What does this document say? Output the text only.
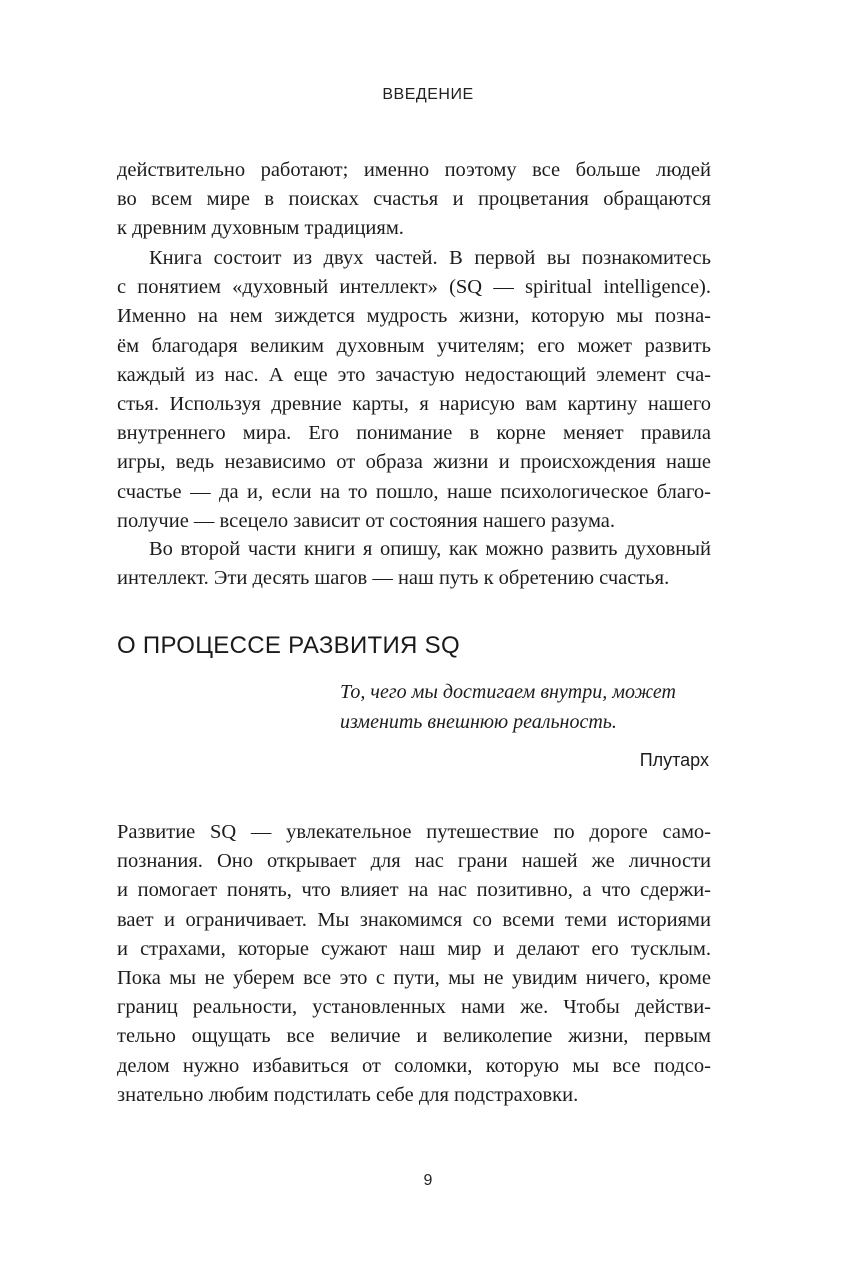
ВВЕДЕНИЕ
действительно работают; именно поэтому все больше людей
во всем мире в поисках счастья и процветания обращаются
к древним духовным традициям.
Книга состоит из двух частей. В первой вы познакомитесь
с понятием «духовный интеллект» (SQ — spiritual intelligence).
Именно на нем зиждется мудрость жизни, которую мы позна-
ём благодаря великим духовным учителям; его может развить
каждый из нас. А еще это зачастую недостающий элемент сча-
стья. Используя древние карты, я нарисую вам картину нашего
внутреннего мира. Его понимание в корне меняет правила
игры, ведь независимо от образа жизни и происхождения наше
счастье — да и, если на то пошло, наше психологическое благо-
получие — всецело зависит от состояния нашего разума.
Во второй части книги я опишу, как можно развить духовный
интеллект. Эти десять шагов — наш путь к обретению счастья.
О ПРОЦЕССЕ РАЗВИТИЯ SQ
То, чего мы достигаем внутри, может
изменить внешнюю реальность.
Плутарх
Развитие SQ — увлекательное путешествие по дороге само-
познания. Оно открывает для нас грани нашей же личности
и помогает понять, что влияет на нас позитивно, а что сдержи-
вает и ограничивает. Мы знакомимся со всеми теми историями
и страхами, которые сужают наш мир и делают его тусклым.
Пока мы не уберем все это с пути, мы не увидим ничего, кроме
границ реальности, установленных нами же. Чтобы действи-
тельно ощущать все величие и великолепие жизни, первым
делом нужно избавиться от соломки, которую мы все подсо-
знательно любим подстилать себе для подстраховки.
9
